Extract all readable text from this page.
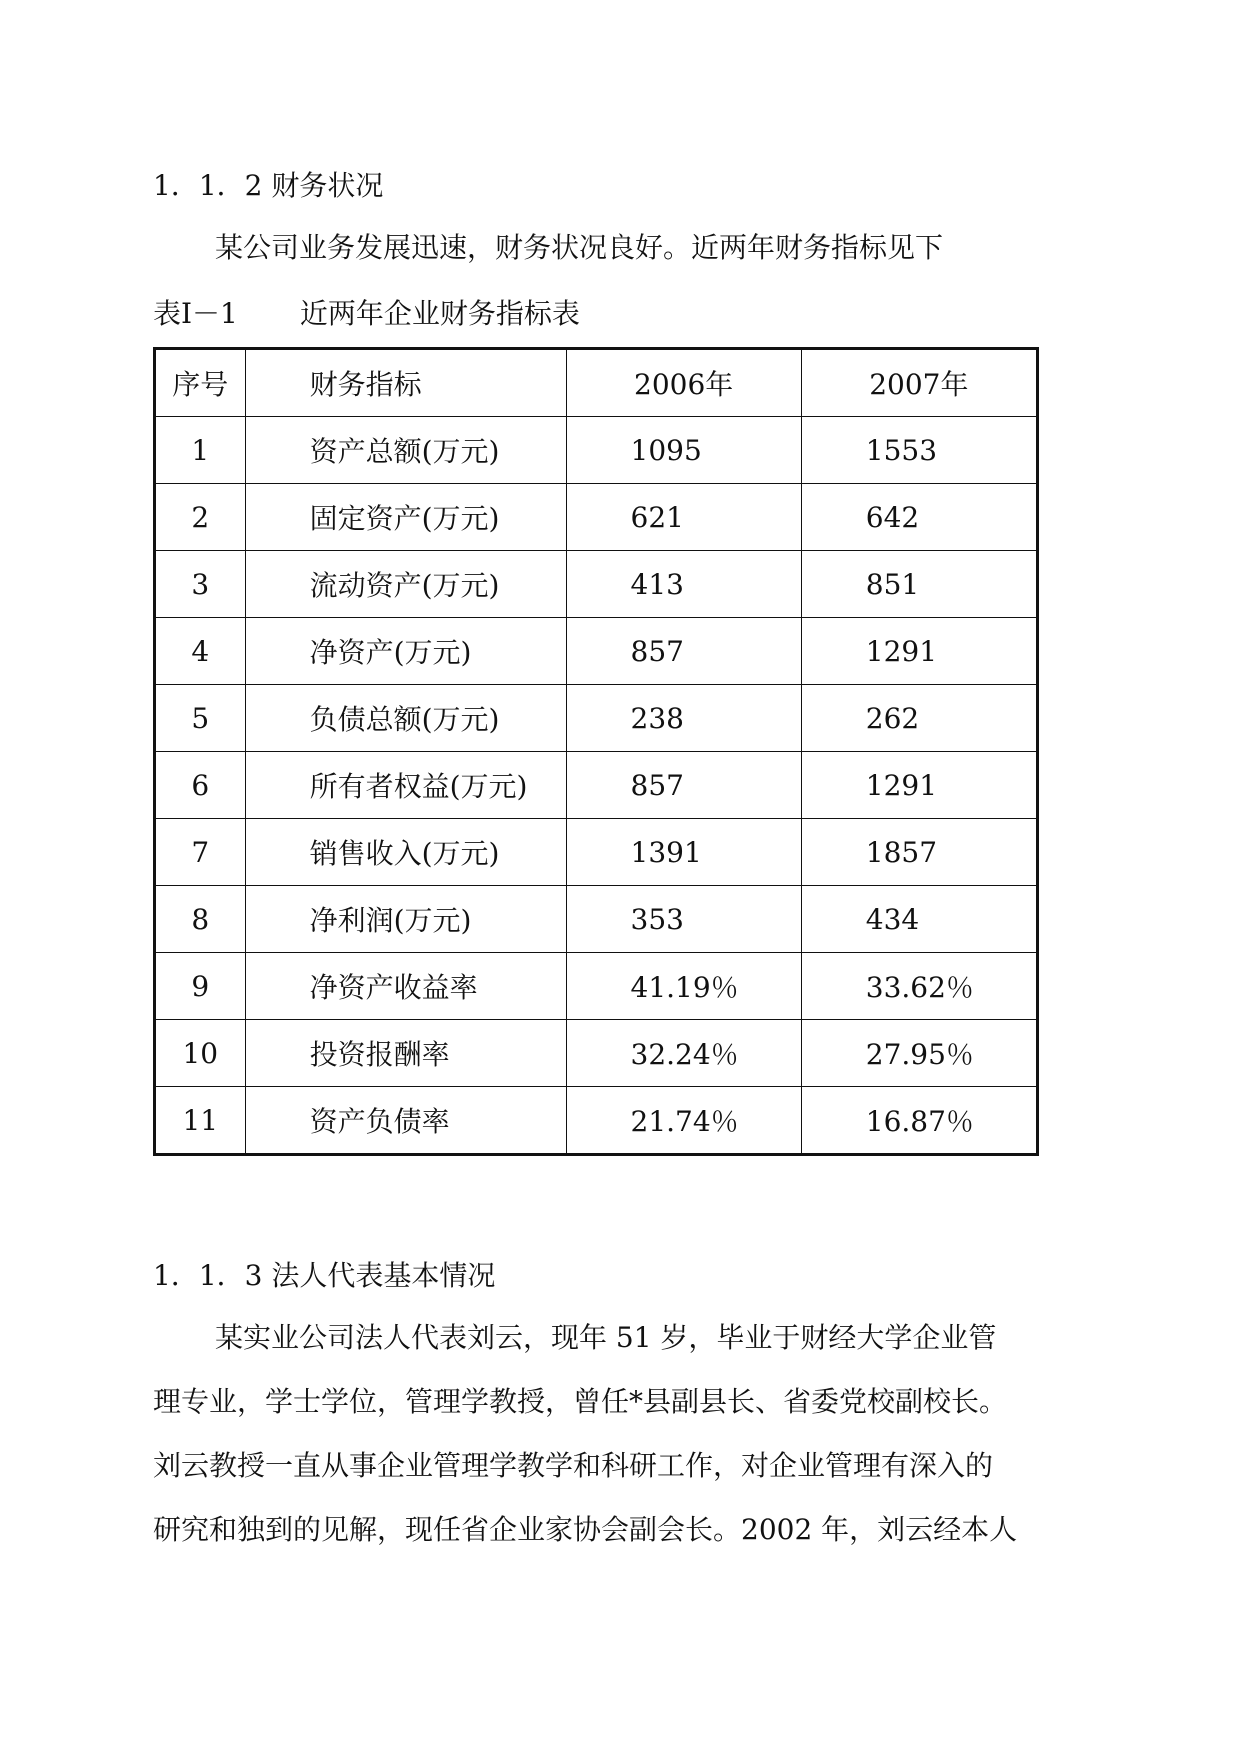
1．1．2 财务状况
某公司业务发展迅速，财务状况良好。近两年财务指标见下
表Ⅰ－1 近两年企业财务指标表
序号	财务指标	2006年	2007年
1	资产总额(万元)	1095	1553
2	固定资产(万元)	621	642
3	流动资产(万元)	413	851
4	净资产(万元)	857	1291
5	负债总额(万元)	238	262
6	所有者权益(万元)	857	1291
7	销售收入(万元)	1391	1857
8	净利润(万元)	353	434
9	净资产收益率	41.19％	33.62％
10	投资报酬率	32.24％	27.95％
11	资产负债率	21.74％	16.87％
1．1．3 法人代表基本情况
某实业公司法人代表刘云，现年 51 岁，毕业于财经大学企业管
理专业，学士学位，管理学教授，曾任*县副县长、省委党校副校长。
刘云教授一直从事企业管理学教学和科研工作，对企业管理有深入的
研究和独到的见解，现任省企业家协会副会长。2002 年，刘云经本人
